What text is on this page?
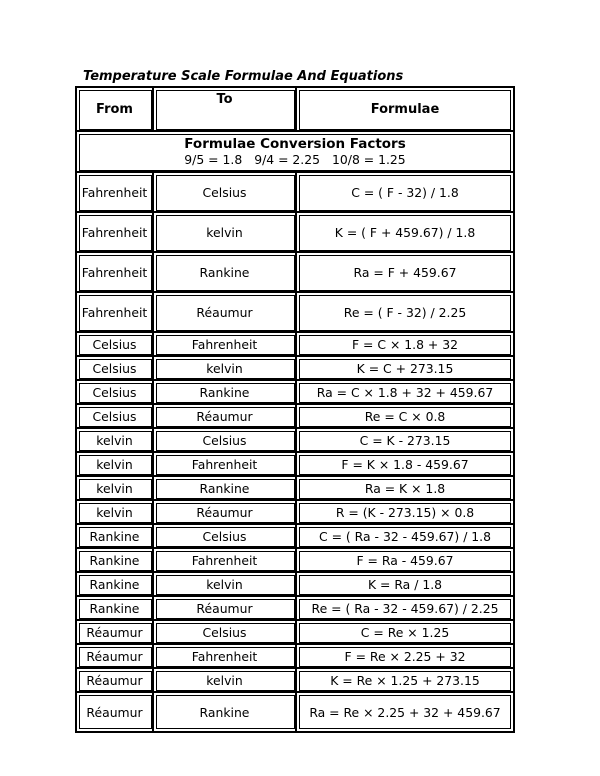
Temperature Scale Formulae And Equations
From	To	Formulae

Formulae Conversion Factors
9/5 = 1.8 9/4 = 2.25 10/8 = 1.25		

Fahrenheit	Celsius	C = ( F - 32) / 1.8
Fahrenheit	kelvin	K = ( F + 459.67) / 1.8
Fahrenheit	Rankine	Ra = F + 459.67
Fahrenheit	Réaumur	Re = ( F - 32) / 2.25
Celsius	Fahrenheit	F = C × 1.8 + 32
Celsius	kelvin	K = C + 273.15
Celsius	Rankine	Ra = C × 1.8 + 32 + 459.67
Celsius	Réaumur	Re = C × 0.8
kelvin	Celsius	C = K - 273.15
kelvin	Fahrenheit	F = K × 1.8 - 459.67
kelvin	Rankine	Ra = K × 1.8
kelvin	Réaumur	R = (K - 273.15) × 0.8
Rankine	Celsius	C = ( Ra - 32 - 459.67) / 1.8
Rankine	Fahrenheit	F = Ra - 459.67
Rankine	kelvin	K = Ra / 1.8
Rankine	Réaumur	Re = ( Ra - 32 - 459.67) / 2.25
Réaumur	Celsius	C = Re × 1.25
Réaumur	Fahrenheit	F = Re × 2.25 + 32
Réaumur	kelvin	K = Re × 1.25 + 273.15
Réaumur	Rankine	Ra = Re × 2.25 + 32 + 459.67
